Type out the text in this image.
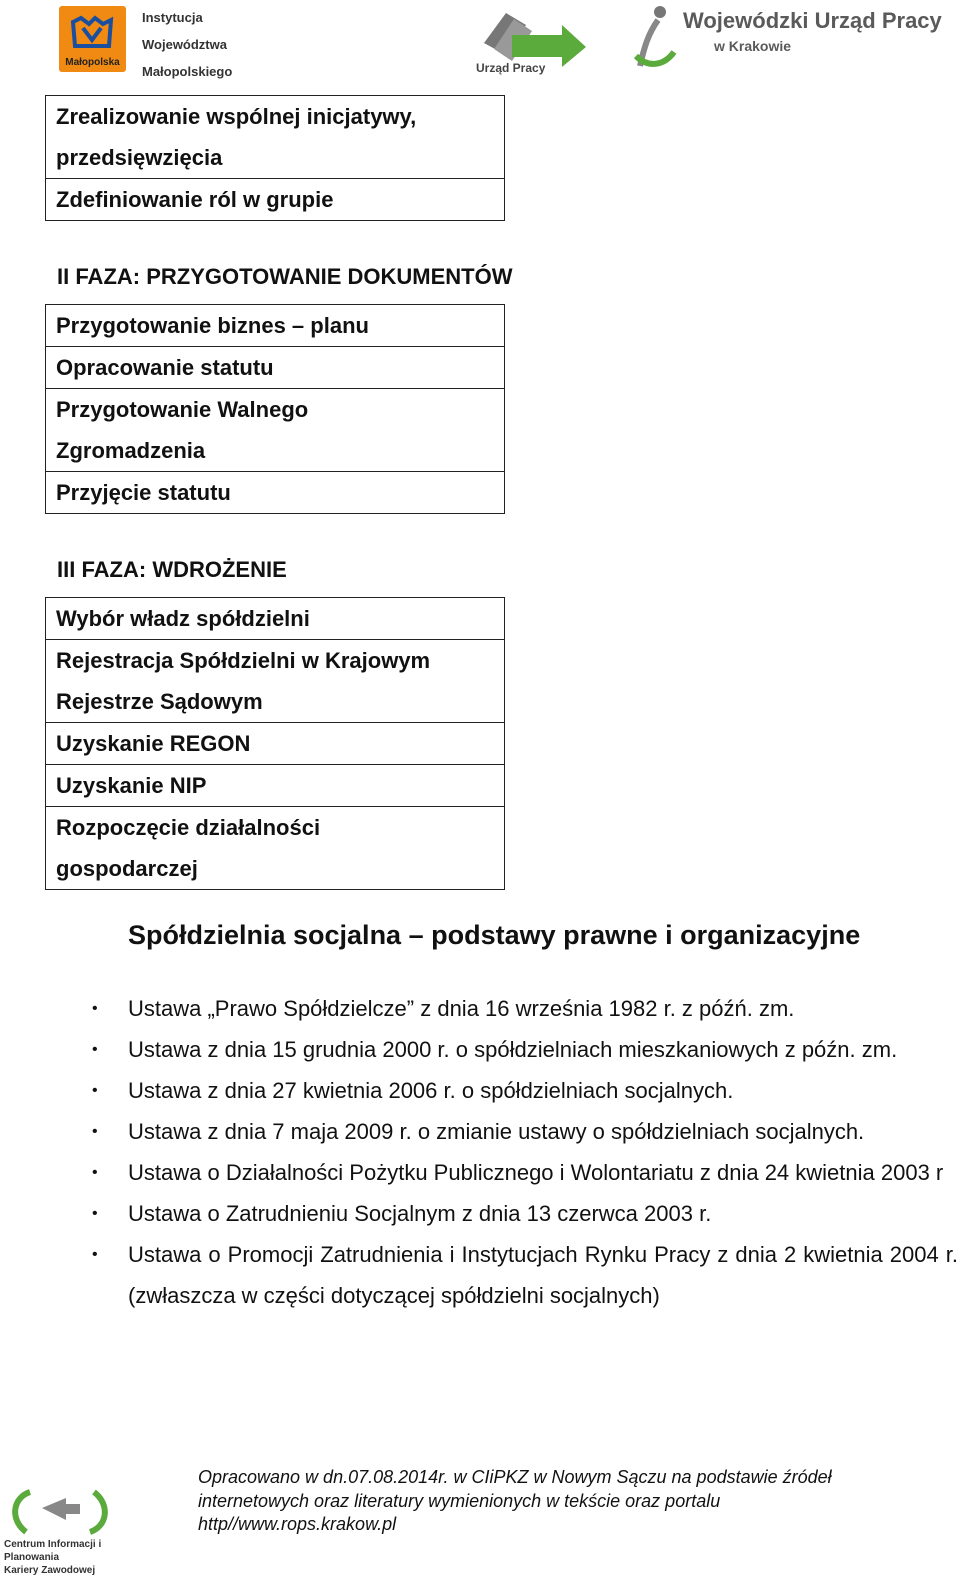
Małopolska
Instytucja
Województwa
Małopolskiego	Urząd Pracy
Wojewódzki Urząd Pracy
w Krakowie
Zrealizowanie wspólnej inicjatywy,
przedsięwzięcia
Zdefiniowanie ról w grupie
II FAZA: PRZYGOTOWANIE DOKUMENTÓW
Przygotowanie biznes – planu
Opracowanie statutu
Przygotowanie Walnego
Zgromadzenia
Przyjęcie statutu
III FAZA: WDROŻENIE
Wybór władz spółdzielni
Rejestracja Spółdzielni w Krajowym
Rejestrze Sądowym
Uzyskanie REGON
Uzyskanie NIP
Rozpoczęcie działalności
gospodarczej
Spółdzielnia socjalna – podstawy prawne i organizacyjne
• Ustawa „Prawo Spółdzielcze” z dnia 16 września 1982 r. z późń. zm.
• Ustawa z dnia 15 grudnia 2000 r. o spółdzielniach mieszkaniowych z późn. zm.
• Ustawa z dnia 27 kwietnia 2006 r. o spółdzielniach socjalnych.
• Ustawa z dnia 7 maja 2009 r. o zmianie ustawy o spółdzielniach socjalnych.
• Ustawa o Działalności Pożytku Publicznego i Wolontariatu z dnia 24 kwietnia 2003 r
• Ustawa o Zatrudnieniu Socjalnym z dnia 13 czerwca 2003 r.
• Ustawa o Promocji Zatrudnienia i Instytucjach Rynku Pracy z dnia 2 kwietnia 2004 r. (zwłaszcza w części dotyczącej spółdzielni socjalnych)
Centrum Informacji i Planowania
Kariery Zawodowej
Opracowano w dn.07.08.2014r. w CIiPKZ w Nowym Sączu na podstawie źródeł
internetowych oraz literatury wymienionych w tekście oraz portalu
http//www.rops.krakow.pl
